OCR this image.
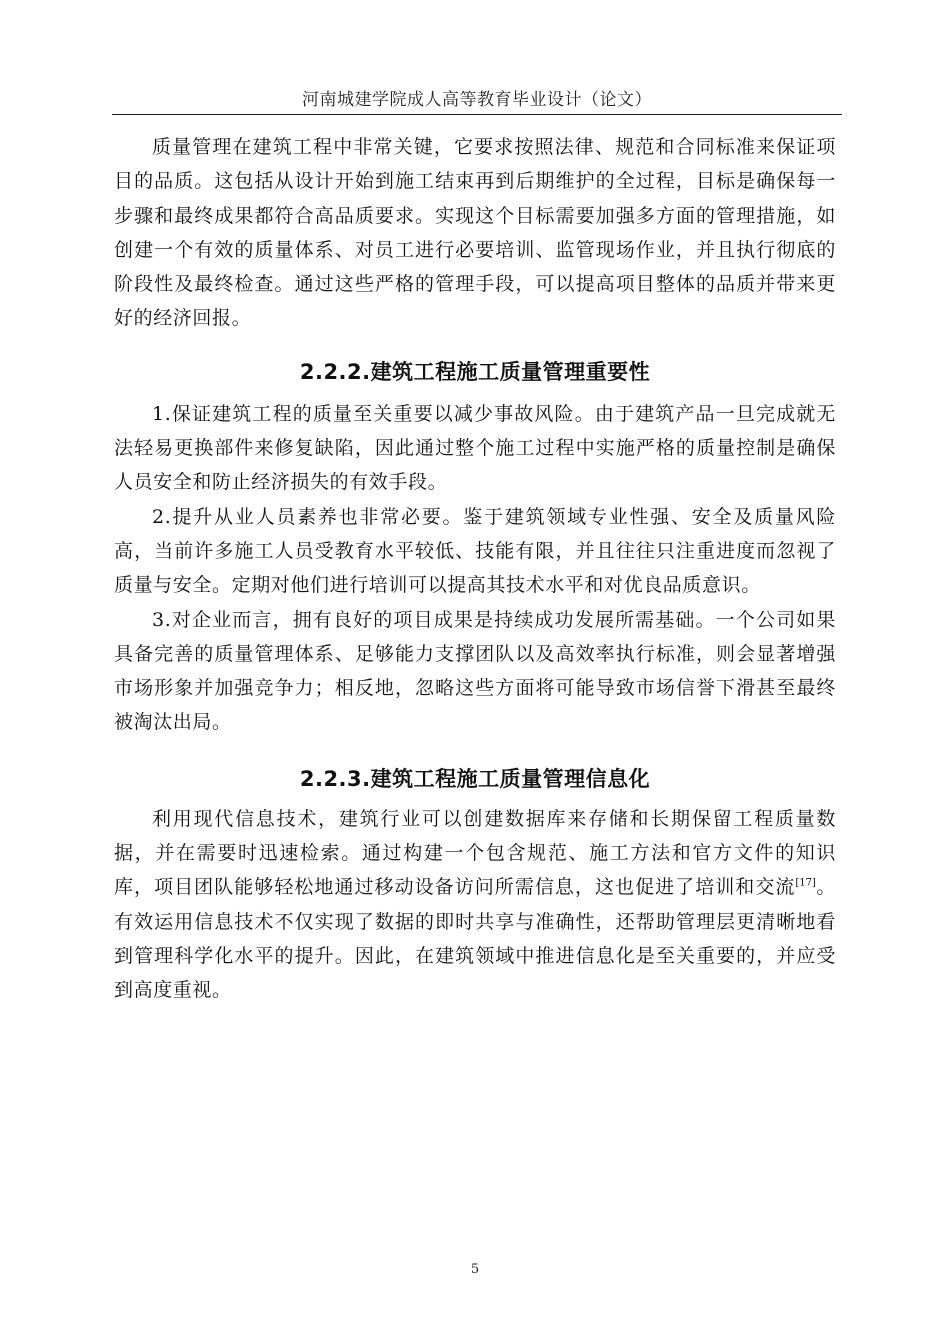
河南城建学院成人高等教育毕业设计（论文）

质量管理在建筑工程中非常关键，它要求按照法律、规范和合同标准来保证项目的品质。这包括从设计开始到施工结束再到后期维护的全过程，目标是确保每一步骤和最终成果都符合高品质要求。实现这个目标需要加强多方面的管理措施，如创建一个有效的质量体系、对员工进行必要培训、监管现场作业，并且执行彻底的阶段性及最终检查。通过这些严格的管理手段，可以提高项目整体的品质并带来更好的经济回报。

2.2.2.建筑工程施工质量管理重要性

1.保证建筑工程的质量至关重要以减少事故风险。由于建筑产品一旦完成就无法轻易更换部件来修复缺陷，因此通过整个施工过程中实施严格的质量控制是确保人员安全和防止经济损失的有效手段。

2.提升从业人员素养也非常必要。鉴于建筑领域专业性强、安全及质量风险高，当前许多施工人员受教育水平较低、技能有限，并且往往只注重进度而忽视了质量与安全。定期对他们进行培训可以提高其技术水平和对优良品质意识。

3.对企业而言，拥有良好的项目成果是持续成功发展所需基础。一个公司如果具备完善的质量管理体系、足够能力支撑团队以及高效率执行标准，则会显著增强市场形象并加强竞争力；相反地，忽略这些方面将可能导致市场信誉下滑甚至最终被淘汰出局。

2.2.3.建筑工程施工质量管理信息化

利用现代信息技术，建筑行业可以创建数据库来存储和长期保留工程质量数据，并在需要时迅速检索。通过构建一个包含规范、施工方法和官方文件的知识库，项目团队能够轻松地通过移动设备访问所需信息，这也促进了培训和交流[17]。有效运用信息技术不仅实现了数据的即时共享与准确性，还帮助管理层更清晰地看到管理科学化水平的提升。因此，在建筑领域中推进信息化是至关重要的，并应受到高度重视。

5
